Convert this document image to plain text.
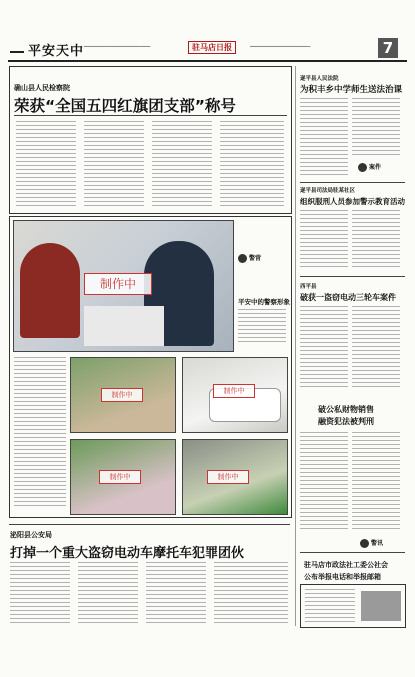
平安天中 ━━━━━━━━━━━━━━━━━━━━━━	驻马店日报	━━━━━━━━━━━━━━━━━━━━	7
确山县人民检察院
荣获“全国五四红旗团支部”称号
制作中
警营
平安中的警察形象
制作中	制作中
制作中	制作中
遂平县人民法院
为积丰乡中学师生送法治课
案件
遂平县司法局驻某社区
组织服刑人员参加警示教育活动
西平县
破获一盗窃电动三轮车案件
破公私财物销售
融资犯法被判刑
警讯
驻马店市政法社工委公社会
公布举报电话和举报邮箱
泌阳县公安局
打掉一个重大盗窃电动车摩托车犯罪团伙
